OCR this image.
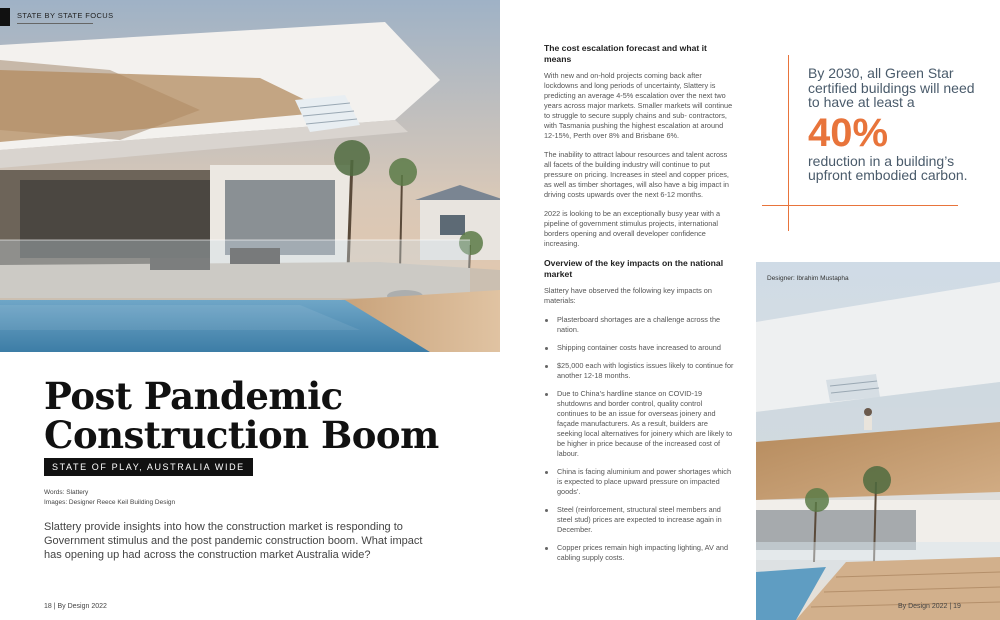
STATE BY STATE FOCUS
Post Pandemic
Construction Boom
STATE OF PLAY, AUSTRALIA WIDE
Words: Slattery
Images: Designer Reece Keil Building Design

Slattery provide insights into how the construction market is responding to Government stimulus and the post pandemic construction boom. What impact has opening up had across the construction market Australia wide?

18 | By Design 2022
The cost escalation forecast and what it means

With new and on-hold projects coming back after lockdowns and long periods of uncertainty, Slattery is predicting an average 4-5% escalation over the next two years across major markets. Smaller markets will continue to struggle to secure supply chains and sub- contractors, with Tasmania pushing the highest escalation at around 12-15%, Perth over 8% and Brisbane 6%.

The inability to attract labour resources and talent across all facets of the building industry will continue to put pressure on pricing. Increases in steel and copper prices, as well as timber shortages, will also have a big impact in driving costs upwards over the next 6-12 months.

2022 is looking to be an exceptionally busy year with a pipeline of government stimulus projects, international borders opening and overall developer confidence increasing.

Overview of the key impacts on the national market

Slattery have observed the following key impacts on materials:

Plasterboard shortages are a challenge across the nation.
Shipping container costs have increased to around
$25,000 each with logistics issues likely to continue for another 12-18 months.
Due to China’s hardline stance on COVID-19 shutdowns and border control, quality control continues to be an issue for overseas joinery and façade manufacturers. As a result, builders are seeking local alternatives for joinery which are likely to be higher in price because of the increased cost of labour.
China is facing aluminium and power shortages which is expected to place upward pressure on impacted goods’.
Steel (reinforcement, structural steel members and steel stud) prices are expected to increase again in December.
Copper prices remain high impacting lighting, AV and cabling supply costs.
By 2030, all Green Star certified buildings will need to have at least a
40%
reduction in a building’s upfront embodied carbon.
Designer: Ibrahim Mustapha
By Design 2022 | 19
